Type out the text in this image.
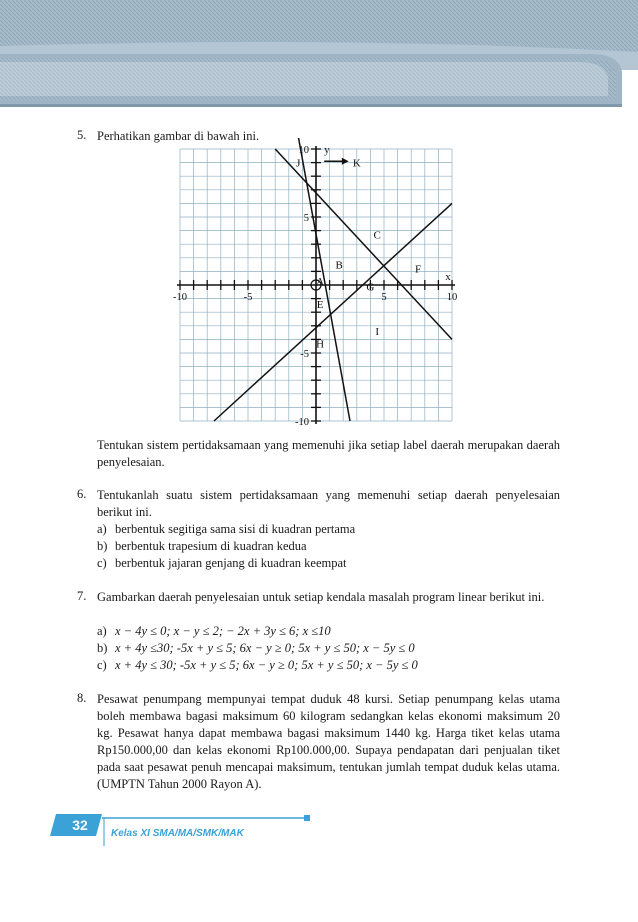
5. Perhatikan gambar di bawah ini.
-10	-5	5	10
10
5
-5
-10
x
y
J	K
C
B	F
A	G
E
I
H
Tentukan sistem pertidaksamaan yang memenuhi jika setiap label daerah merupakan daerah penyelesaian.
6. Tentukanlah suatu sistem pertidaksamaan yang memenuhi setiap daerah penyelesaian berikut ini.
a) berbentuk segitiga sama sisi di kuadran pertama
b) berbentuk trapesium di kuadran kedua
c) berbentuk jajaran genjang di kuadran keempat
7. Gambarkan daerah penyelesaian untuk setiap kendala masalah program linear berikut ini.
a) x − 4y ≤ 0; x − y ≤ 2; − 2x + 3y ≤ 6; x ≤10
b) x + 4y ≤30; -5x + y ≤ 5; 6x − y ≥ 0; 5x + y ≤ 50; x − 5y ≤ 0
c) x + 4y ≤ 30; -5x + y ≤ 5; 6x − y ≥ 0; 5x + y ≤ 50; x − 5y ≤ 0
8. Pesawat penumpang mempunyai tempat duduk 48 kursi. Setiap penumpang kelas utama boleh membawa bagasi maksimum 60 kilogram sedangkan kelas ekonomi maksimum 20 kg. Pesawat hanya dapat membawa bagasi maksimum 1440 kg. Harga tiket kelas utama Rp150.000,00 dan kelas ekonomi Rp100.000,00. Supaya pendapatan dari penjualan tiket pada saat pesawat penuh mencapai maksimum, tentukan jumlah tempat duduk kelas utama. (UMPTN Tahun 2000 Rayon A).
32
Kelas XI SMA/MA/SMK/MAK
